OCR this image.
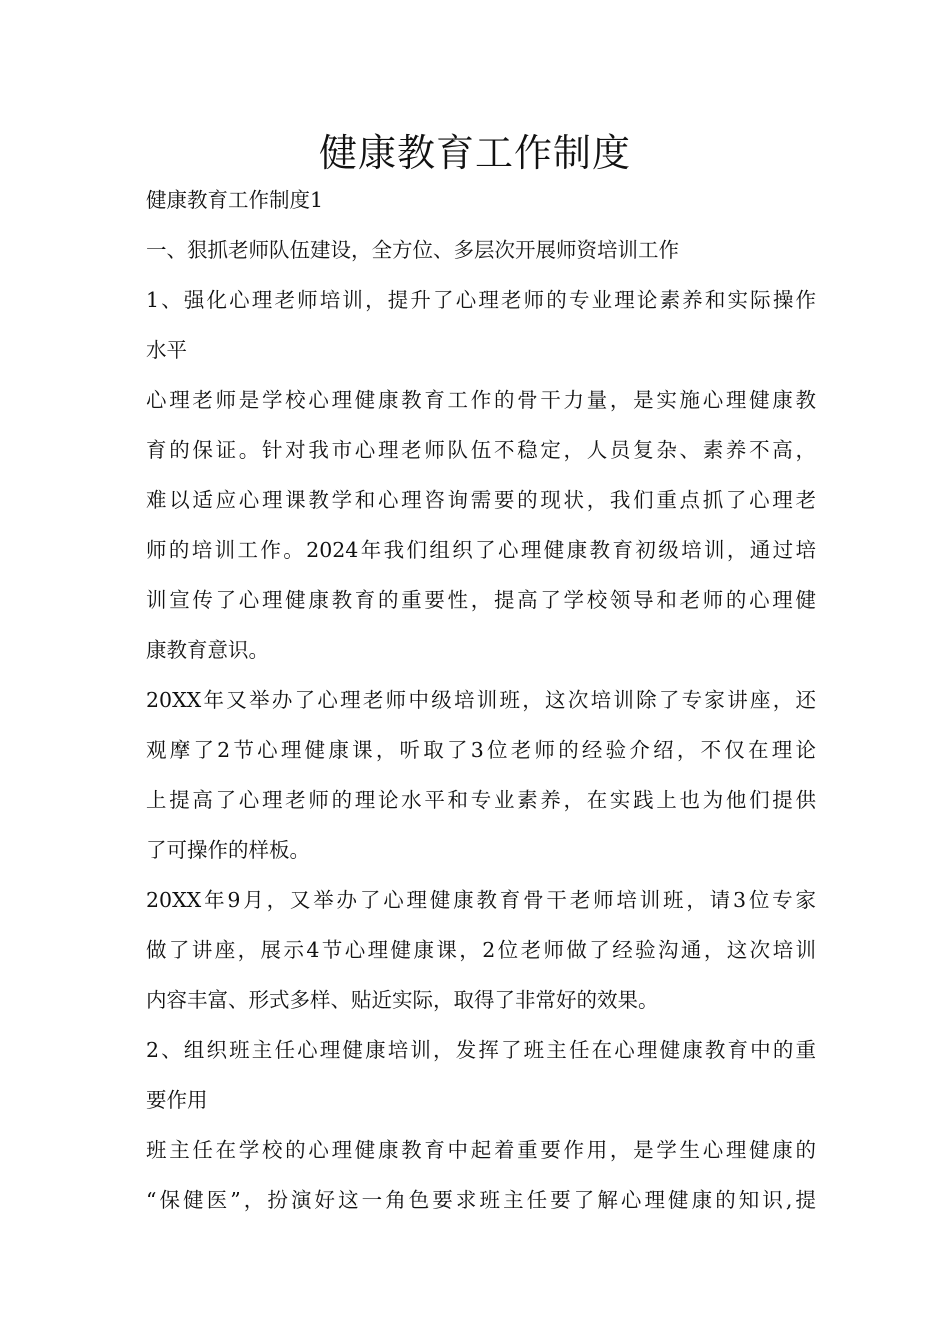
健康教育工作制度

健康教育工作制度1

一、狠抓老师队伍建设，全方位、多层次开展师资培训工作

1、强化心理老师培训，提升了心理老师的专业理论素养和实际操作

水平

心理老师是学校心理健康教育工作的骨干力量，是实施心理健康教

育的保证。针对我市心理老师队伍不稳定，人员复杂、素养不高，

难以适应心理课教学和心理咨询需要的现状，我们重点抓了心理老

师的培训工作。2024年我们组织了心理健康教育初级培训，通过培

训宣传了心理健康教育的重要性，提高了学校领导和老师的心理健

康教育意识。

20XX年又举办了心理老师中级培训班，这次培训除了专家讲座，还

观摩了2节心理健康课，听取了3位老师的经验介绍，不仅在理论

上提高了心理老师的理论水平和专业素养，在实践上也为他们提供

了可操作的样板。

20XX年9月，又举办了心理健康教育骨干老师培训班，请3位专家

做了讲座，展示4节心理健康课，2位老师做了经验沟通，这次培训

内容丰富、形式多样、贴近实际，取得了非常好的效果。

2、组织班主任心理健康培训，发挥了班主任在心理健康教育中的重

要作用

班主任在学校的心理健康教育中起着重要作用，是学生心理健康的

“保健医”，扮演好这一角色要求班主任要了解心理健康的知识,提
